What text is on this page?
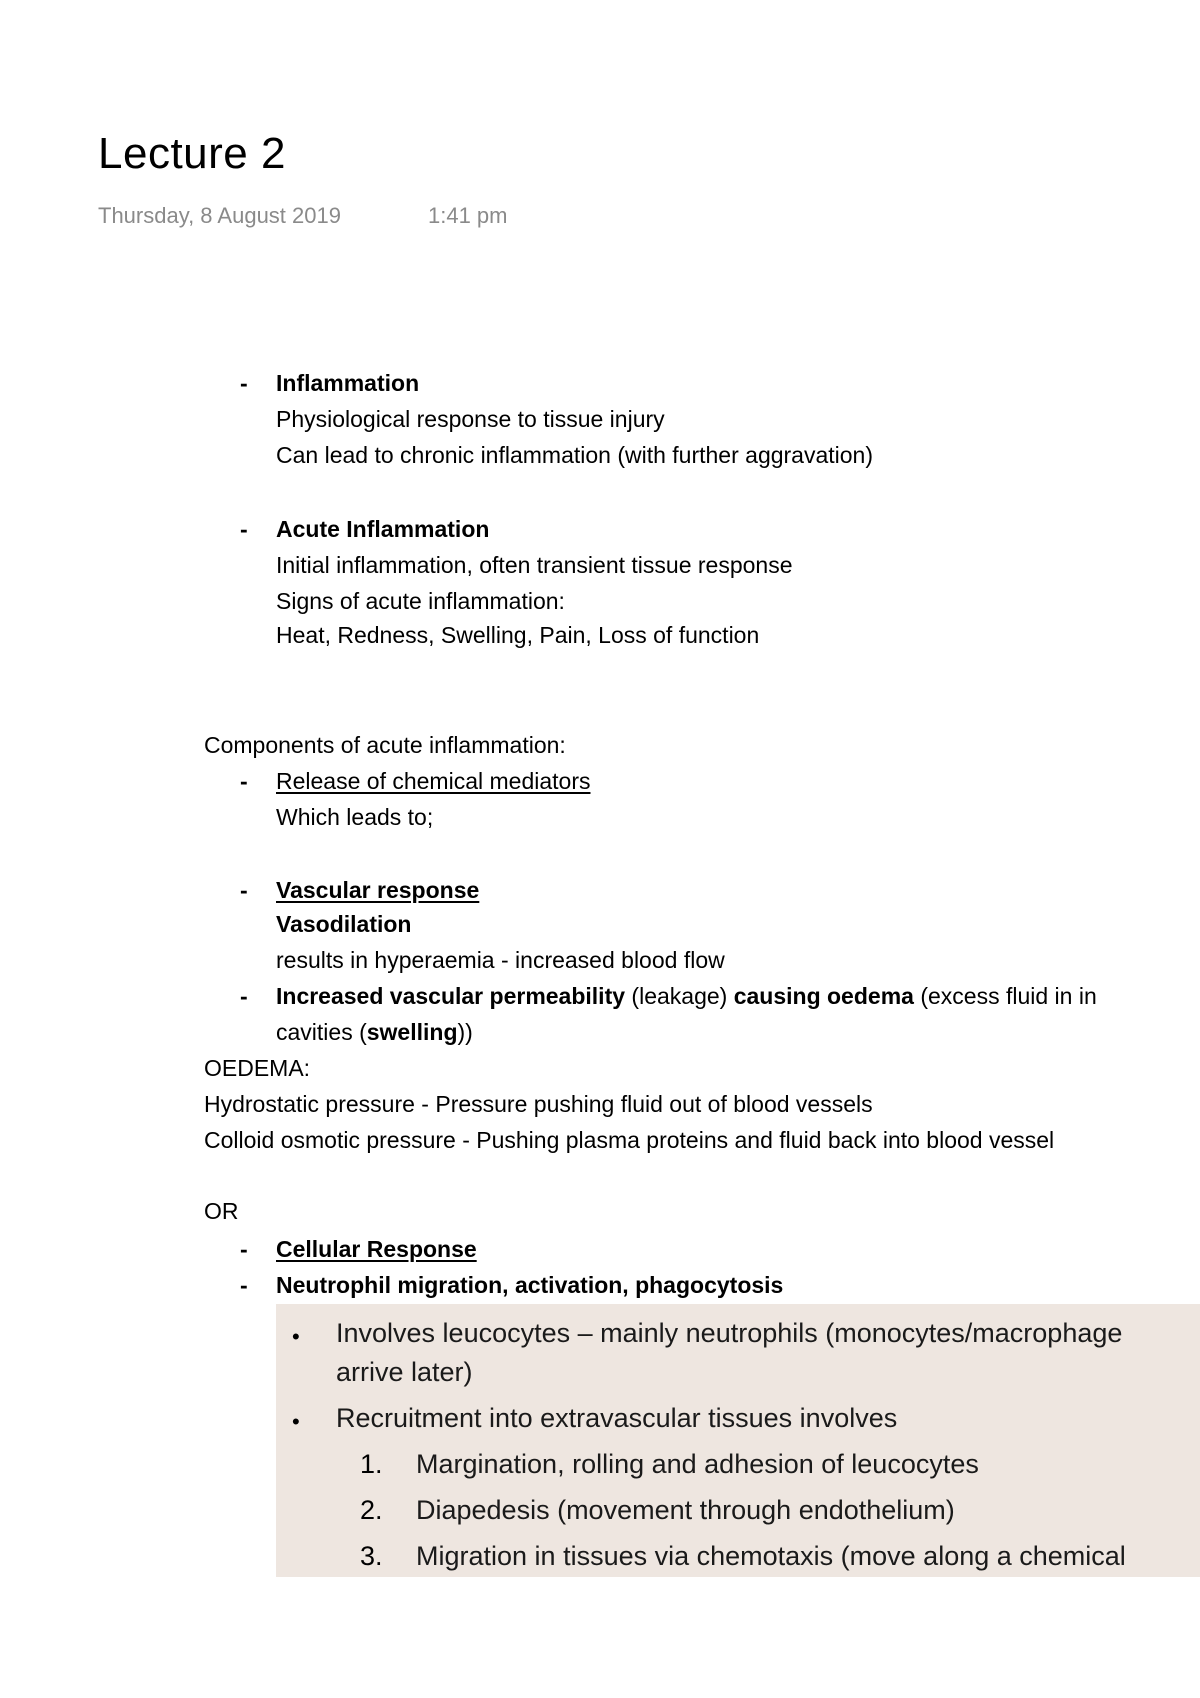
Lecture 2
Thursday, 8 August 2019	1:41 pm
- Inflammation
Physiological response to tissue injury
Can lead to chronic inflammation (with further aggravation)
- Acute Inflammation
Initial inflammation, often transient tissue response
Signs of acute inflammation:
Heat, Redness, Swelling, Pain, Loss of function
Components of acute inflammation:
- Release of chemical mediators
Which leads to;
- Vascular response
Vasodilation
results in hyperaemia - increased blood flow
- Increased vascular permeability (leakage) causing oedema (excess fluid in in
cavities (swelling))
OEDEMA:
Hydrostatic pressure - Pressure pushing fluid out of blood vessels
Colloid osmotic pressure - Pushing plasma proteins and fluid back into blood vessel
OR
- Cellular Response
- Neutrophil migration, activation, phagocytosis
• Involves leucocytes – mainly neutrophils (monocytes/macrophage
arrive later)
• Recruitment into extravascular tissues involves
1. Margination, rolling and adhesion of leucocytes
2. Diapedesis (movement through endothelium)
3. Migration in tissues via chemotaxis (move along a chemical
